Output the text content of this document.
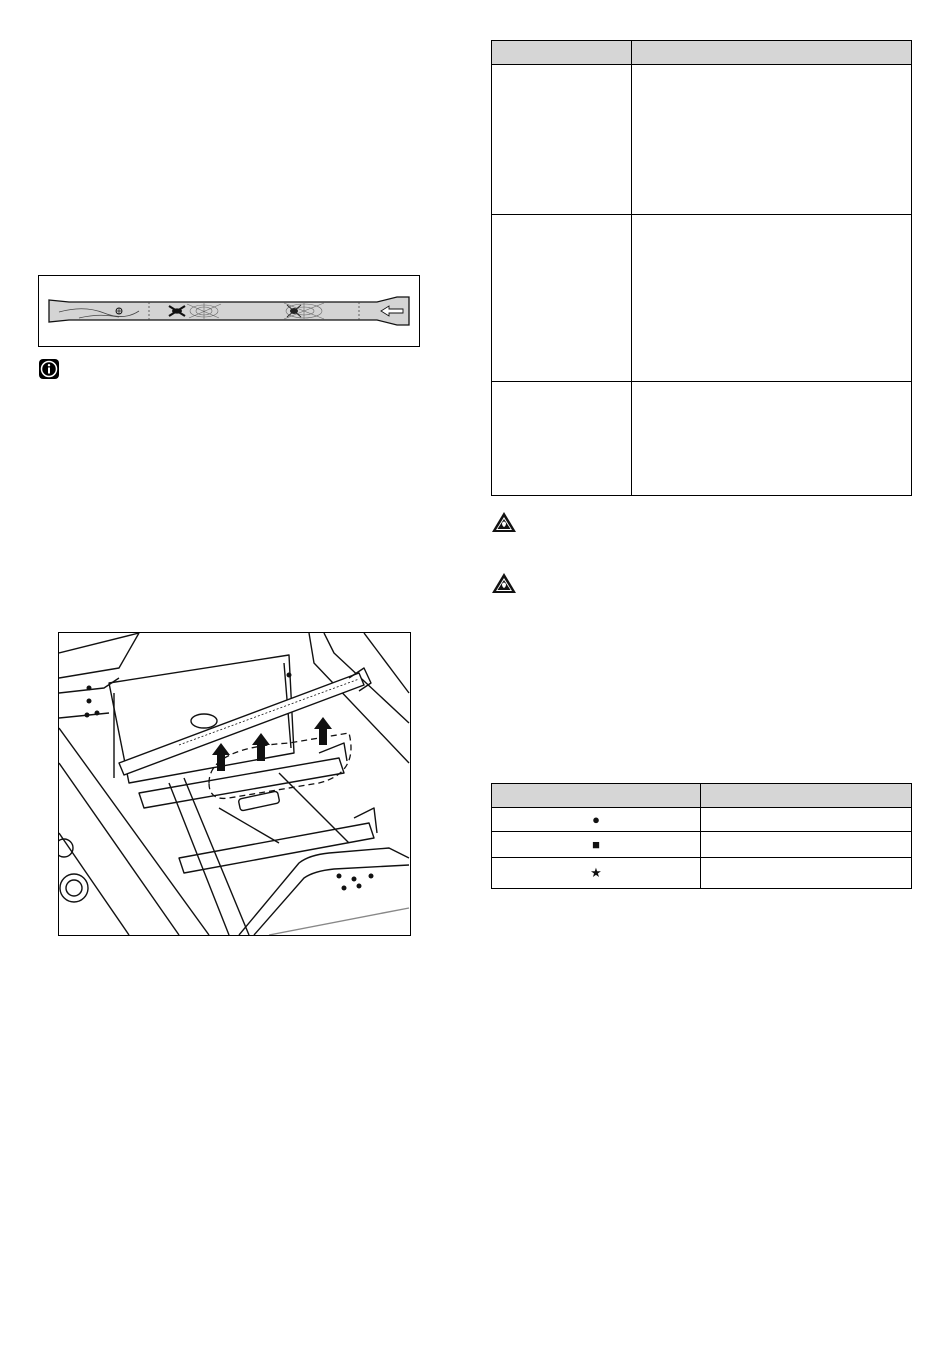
●	
■	
★	
